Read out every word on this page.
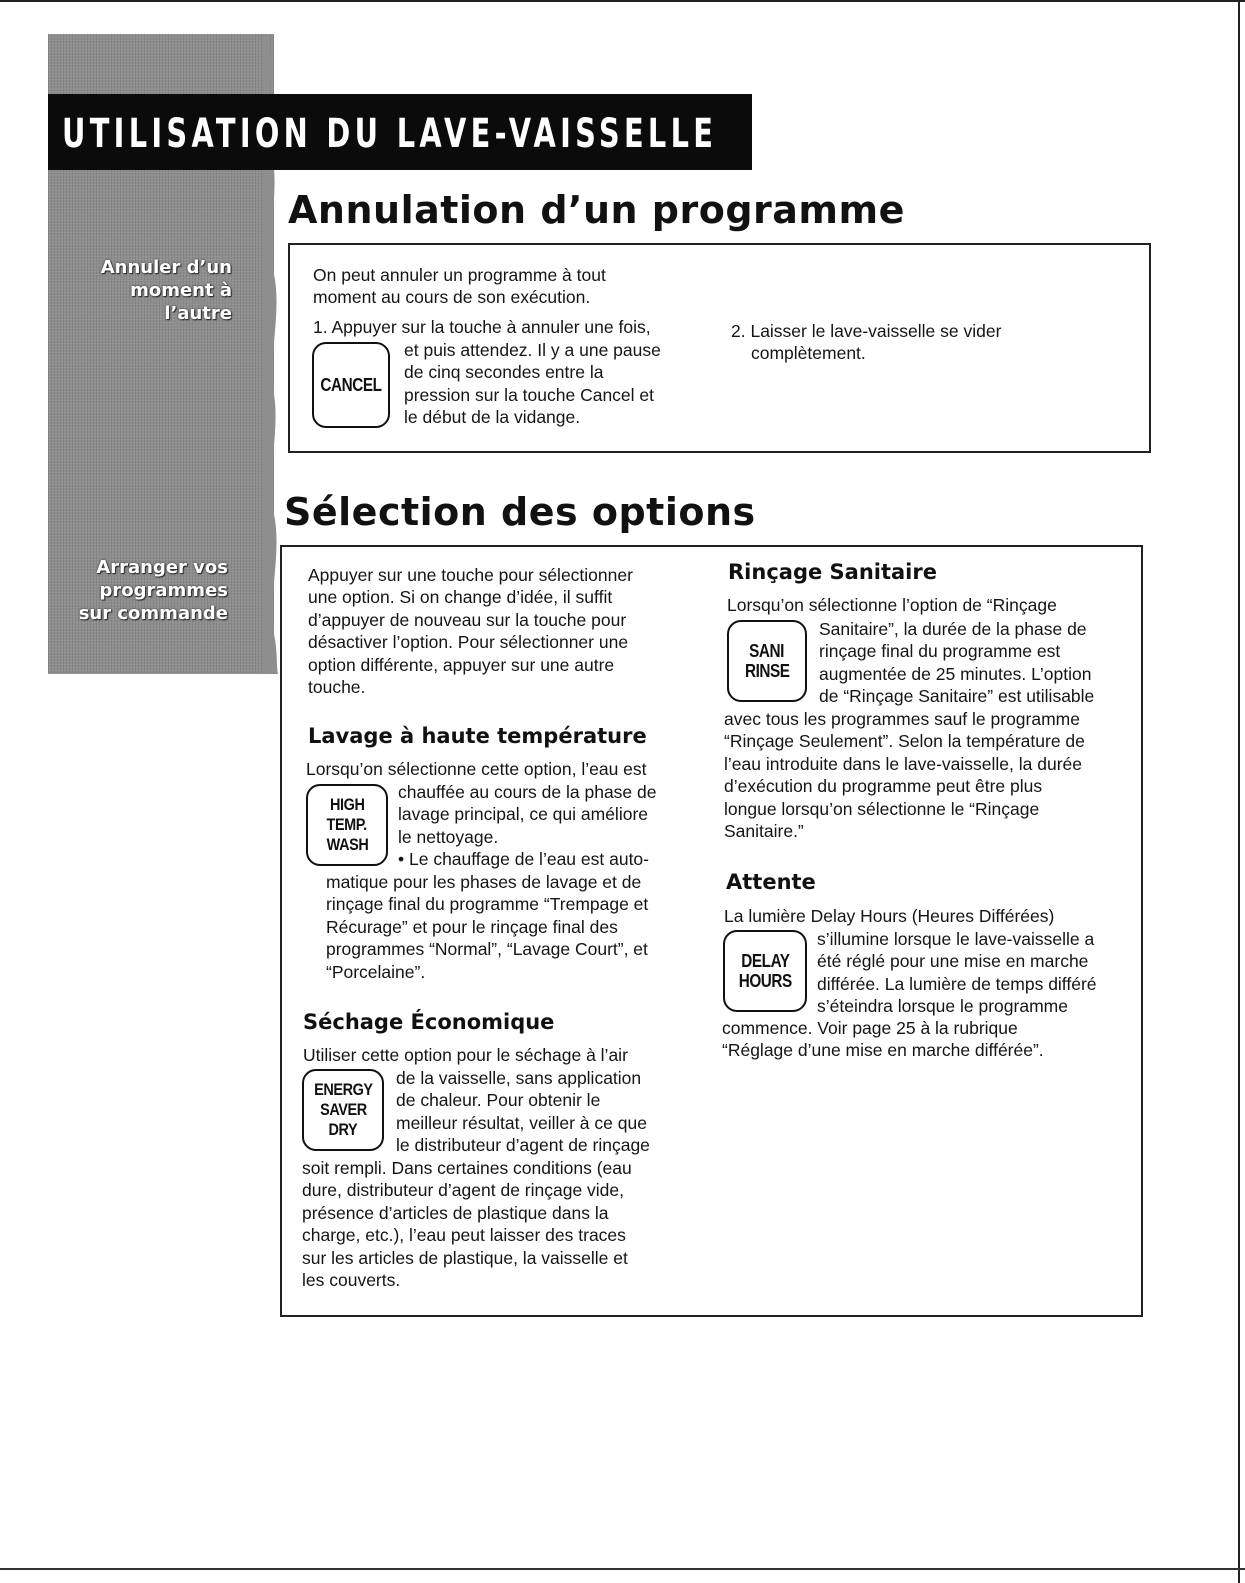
Annuler d’un
moment à
l’autre
Arranger vos
programmes
sur commande
UTILISATION DU LAVE-VAISSELLE
Annulation d’un programme
On peut annuler un programme à tout
moment au cours de son exécution.
1. Appuyer sur la touche à annuler une fois,
CANCEL
et puis attendez. Il y a une pause
de cinq secondes entre la
pression sur la touche Cancel et
le début de la vidange.
2. Laisser le lave-vaisselle se vider
complètement.
Sélection des options
Appuyer sur une touche pour sélectionner
une option. Si on change d’idée, il suffit
d’appuyer de nouveau sur la touche pour
désactiver l’option. Pour sélectionner une
option différente, appuyer sur une autre
touche.
Lavage à haute température
Lorsqu’on sélectionne cette option, l’eau est
HIGH
TEMP.
WASH
chauffée au cours de la phase de
lavage principal, ce qui améliore
le nettoyage.
• Le chauffage de l’eau est auto-
matique pour les phases de lavage et de
rinçage final du programme “Trempage et
Récurage” et pour le rinçage final des
programmes “Normal”, “Lavage Court”, et
“Porcelaine”.
Séchage Économique
Utiliser cette option pour le séchage à l’air
ENERGY
SAVER
DRY
de la vaisselle, sans application
de chaleur. Pour obtenir le
meilleur résultat, veiller à ce que
le distributeur d’agent de rinçage
soit rempli. Dans certaines conditions (eau
dure, distributeur d’agent de rinçage vide,
présence d’articles de plastique dans la
charge, etc.), l’eau peut laisser des traces
sur les articles de plastique, la vaisselle et
les couverts.
Rinçage Sanitaire
Lorsqu’on sélectionne l’option de “Rinçage
SANI
RINSE
Sanitaire”, la durée de la phase de
rinçage final du programme est
augmentée de 25 minutes. L’option
de “Rinçage Sanitaire” est utilisable
avec tous les programmes sauf le programme
“Rinçage Seulement”. Selon la température de
l’eau introduite dans le lave-vaisselle, la durée
d’exécution du programme peut être plus
longue lorsqu’on sélectionne le “Rinçage
Sanitaire.”
Attente
La lumière Delay Hours (Heures Différées)
DELAY
HOURS
s’illumine lorsque le lave-vaisselle a
été réglé pour une mise en marche
différée. La lumière de temps différé
s’éteindra lorsque le programme
commence. Voir page 25 à la rubrique
“Réglage d’une mise en marche différée”.
